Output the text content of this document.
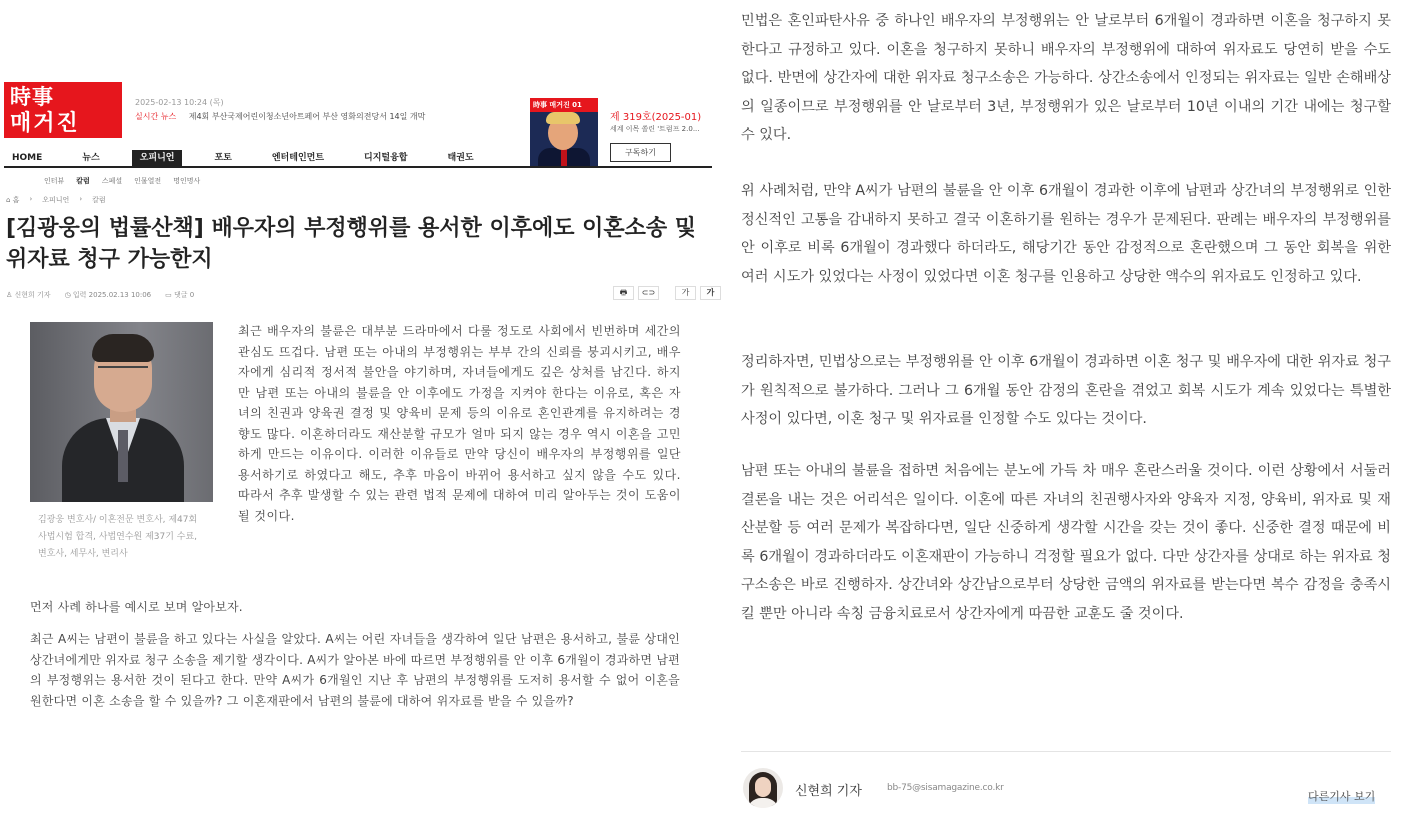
時事
매거진
2025-02-13 10:24 (목)
실시간 뉴스 제4회 부산국제어린이청소년아트페어 부산 영화의전당서 14일 개막
時事 매거진 01
제 319호(2025-01)
세계 이목 쏠린 '트럼프 2.0...
구독하기
HOME	뉴스	오피니언	포토	엔터테인먼트	디지털융합	태권도
인터뷰 칼럼 스페셜 인물열전 명인명사
⌂ 홈 › 오피니언 › 칼럼
[김광웅의 법률산책] 배우자의 부정행위를 용서한 이후에도 이혼소송 및 위자료 청구 가능한지
♙ 신현희 기자 ◷ 입력 2025.02.13 10:06 ▭ 댓글 0	🖶	⊂⊃	가	가
김광웅 변호사/ 이혼전문 변호사, 제47회 사법시험 합격, 사법연수원 제37기 수료, 변호사, 세무사, 변리사

최근 배우자의 불륜은 대부분 드라마에서 다룰 정도로 사회에서 빈번하며 세간의 관심도 뜨겁다. 남편 또는 아내의 부정행위는 부부 간의 신뢰를 붕괴시키고, 배우자에게 심리적 정서적 불안을 야기하며, 자녀들에게도 깊은 상처를 남긴다. 하지만 남편 또는 아내의 불륜을 안 이후에도 가정을 지켜야 한다는 이유로, 혹은 자녀의 친권과 양육권 결정 및 양육비 문제 등의 이유로 혼인관계를 유지하려는 경향도 많다. 이혼하더라도 재산분할 규모가 얼마 되지 않는 경우 역시 이혼을 고민하게 만드는 이유이다. 이러한 이유들로 만약 당신이 배우자의 부정행위를 일단 용서하기로 하였다고 해도, 추후 마음이 바뀌어 용서하고 싶지 않을 수도 있다. 따라서 추후 발생할 수 있는 관련 법적 문제에 대하여 미리 알아두는 것이 도움이 될 것이다.

먼저 사례 하나를 예시로 보며 알아보자.

최근 A씨는 남편이 불륜을 하고 있다는 사실을 알았다. A씨는 어린 자녀들을 생각하여 일단 남편은 용서하고, 불륜 상대인 상간녀에게만 위자료 청구 소송을 제기할 생각이다. A씨가 알아본 바에 따르면 부정행위를 안 이후 6개월이 경과하면 남편의 부정행위는 용서한 것이 된다고 한다. 만약 A씨가 6개월인 지난 후 남편의 부정행위를 도저히 용서할 수 없어 이혼을 원한다면 이혼 소송을 할 수 있을까? 그 이혼재판에서 남편의 불륜에 대하여 위자료를 받을 수 있을까?

민법은 혼인파탄사유 중 하나인 배우자의 부정행위는 안 날로부터 6개월이 경과하면 이혼을 청구하지 못한다고 규정하고 있다. 이혼을 청구하지 못하니 배우자의 부정행위에 대하여 위자료도 당연히 받을 수도 없다. 반면에 상간자에 대한 위자료 청구소송은 가능하다. 상간소송에서 인정되는 위자료는 일반 손해배상의 일종이므로 부정행위를 안 날로부터 3년, 부정행위가 있은 날로부터 10년 이내의 기간 내에는 청구할 수 있다.

위 사례처럼, 만약 A씨가 남편의 불륜을 안 이후 6개월이 경과한 이후에 남편과 상간녀의 부정행위로 인한 정신적인 고통을 감내하지 못하고 결국 이혼하기를 원하는 경우가 문제된다. 판례는 배우자의 부정행위를 안 이후로 비록 6개월이 경과했다 하더라도, 해당기간 동안 감정적으로 혼란했으며 그 동안 회복을 위한 여러 시도가 있었다는 사정이 있었다면 이혼 청구를 인용하고 상당한 액수의 위자료도 인정하고 있다.

정리하자면, 민법상으로는 부정행위를 안 이후 6개월이 경과하면 이혼 청구 및 배우자에 대한 위자료 청구가 원칙적으로 불가하다. 그러나 그 6개월 동안 감정의 혼란을 겪었고 회복 시도가 계속 있었다는 특별한 사정이 있다면, 이혼 청구 및 위자료를 인정할 수도 있다는 것이다.

남편 또는 아내의 불륜을 접하면 처음에는 분노에 가득 차 매우 혼란스러울 것이다. 이런 상황에서 서둘러 결론을 내는 것은 어리석은 일이다. 이혼에 따른 자녀의 친권행사자와 양육자 지정, 양육비, 위자료 및 재산분할 등 여러 문제가 복잡하다면, 일단 신중하게 생각할 시간을 갖는 것이 좋다. 신중한 결정 때문에 비록 6개월이 경과하더라도 이혼재판이 가능하니 걱정할 필요가 없다. 다만 상간자를 상대로 하는 위자료 청구소송은 바로 진행하자. 상간녀와 상간남으로부터 상당한 금액의 위자료를 받는다면 복수 감정을 충족시킬 뿐만 아니라 속칭 금융치료로서 상간자에게 따끔한 교훈도 줄 것이다.

신현희 기자	bb-75@sisamagazine.co.kr
다른기사 보기
